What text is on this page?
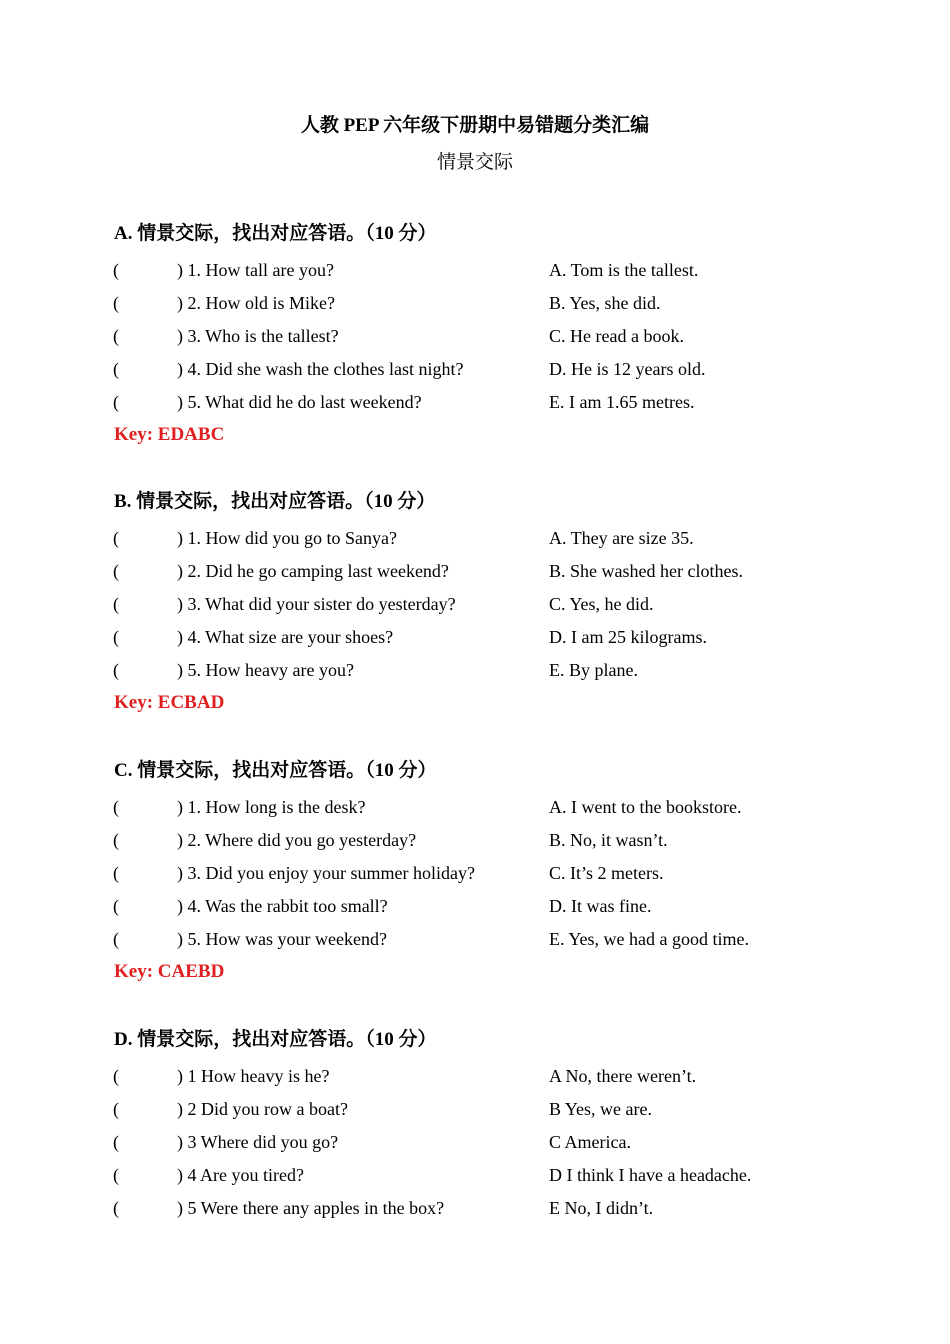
人教 PEP 六年级下册期中易错题分类汇编
情景交际
A. 情景交际，找出对应答语。（10 分）
(	) 1. How tall are you?	A. Tom is the tallest.
(	) 2. How old is Mike?	B. Yes, she did.
(	) 3. Who is the tallest?	C. He read a book.
(	) 4. Did she wash the clothes last night?	D. He is 12 years old.
(	) 5. What did he do last weekend?	E. I am 1.65 metres.
Key: EDABC
B. 情景交际，找出对应答语。（10 分）
(	) 1. How did you go to Sanya?	A. They are size 35.
(	) 2. Did he go camping last weekend?	B. She washed her clothes.
(	) 3. What did your sister do yesterday?	C. Yes, he did.
(	) 4. What size are your shoes?	D. I am 25 kilograms.
(	) 5. How heavy are you?	E. By plane.
Key: ECBAD
C. 情景交际，找出对应答语。（10 分）
(	) 1. How long is the desk?	A. I went to the bookstore.
(	) 2. Where did you go yesterday?	B. No, it wasn’t.
(	) 3. Did you enjoy your summer holiday?	C. It’s 2 meters.
(	) 4. Was the rabbit too small?	D. It was fine.
(	) 5. How was your weekend?	E. Yes, we had a good time.
Key: CAEBD
D. 情景交际，找出对应答语。（10 分）
(	) 1 How heavy is he?	A No, there weren’t.
(	) 2 Did you row a boat?	B Yes, we are.
(	) 3 Where did you go?	C America.
(	) 4 Are you tired?	D I think I have a headache.
(	) 5 Were there any apples in the box?	E No, I didn’t.
